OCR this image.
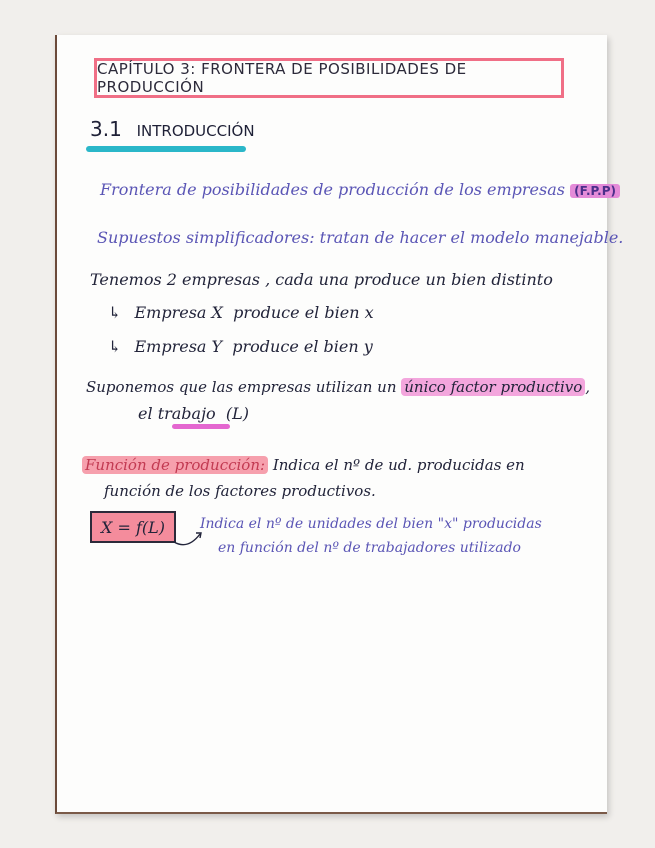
CAPÍTULO 3: FRONTERA DE POSIBILIDADES DE PRODUCCIÓN
3.1 INTRODUCCIÓN
Frontera de posibilidades de producción de los empresas (F.P.P)
Supuestos simplificadores: tratan de hacer el modelo manejable.
Tenemos 2 empresas , cada una produce un bien distinto
↳ Empresa X produce el bien x
↳ Empresa Y produce el bien y
Suponemos que las empresas utilizan un único factor productivo ,
el trabajo (L)
Función de producción: Indica el nº de ud. producidas en
función de los factores productivos.
X = f(L)	Indica el nº de unidades del bien "x" producidas
en función del nº de trabajadores utilizado
